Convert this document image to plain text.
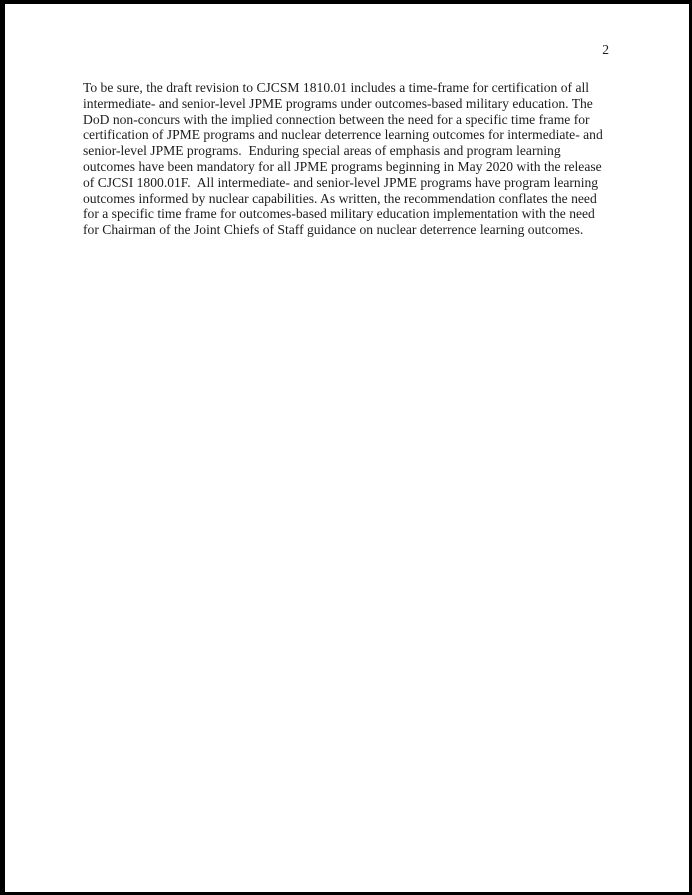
2
To be sure, the draft revision to CJCSM 1810.01 includes a time-frame for certification of all
intermediate- and senior-level JPME programs under outcomes-based military education. The
DoD non-concurs with the implied connection between the need for a specific time frame for
certification of JPME programs and nuclear deterrence learning outcomes for intermediate- and
senior-level JPME programs.  Enduring special areas of emphasis and program learning
outcomes have been mandatory for all JPME programs beginning in May 2020 with the release
of CJCSI 1800.01F.  All intermediate- and senior-level JPME programs have program learning
outcomes informed by nuclear capabilities. As written, the recommendation conflates the need
for a specific time frame for outcomes-based military education implementation with the need
for Chairman of the Joint Chiefs of Staff guidance on nuclear deterrence learning outcomes.
